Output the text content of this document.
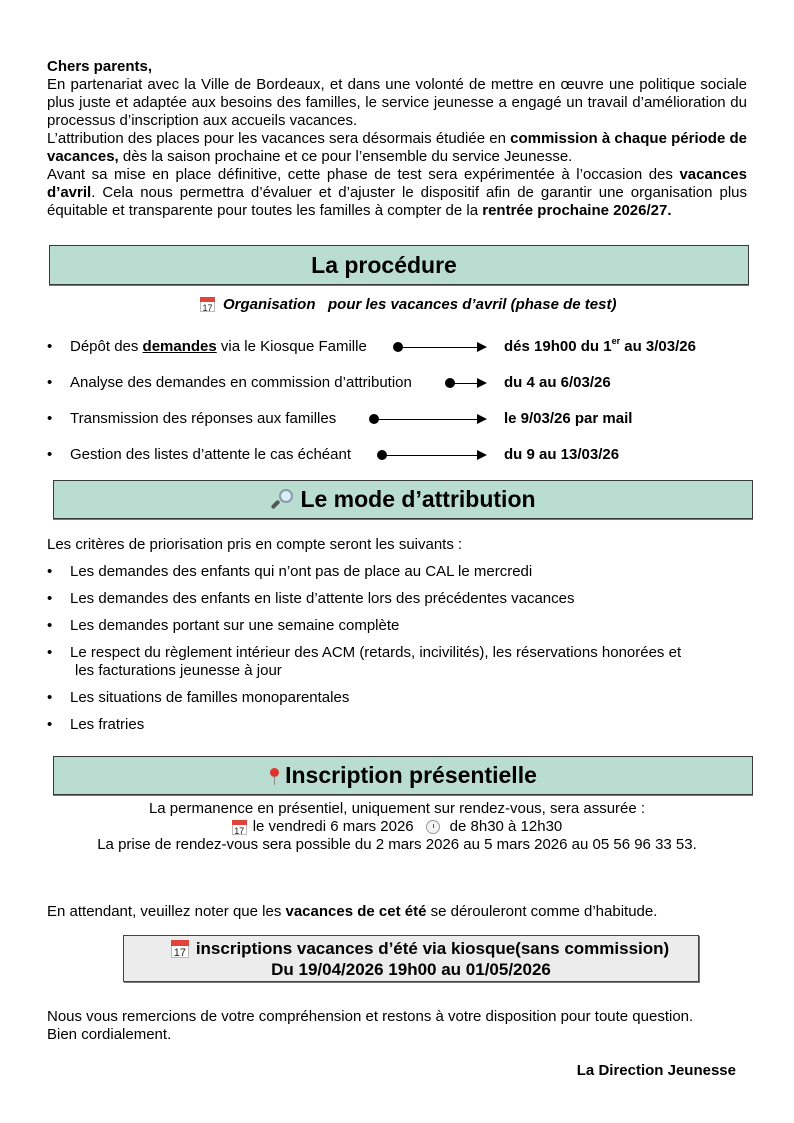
Chers parents,

En partenariat avec la Ville de Bordeaux, et dans une volonté de mettre en œuvre une politique sociale plus juste et adaptée aux besoins des familles, le service jeunesse a engagé un travail d’amélioration du processus d’inscription aux accueils vacances.

L’attribution des places pour les vacances sera désormais étudiée en commission à chaque période de vacances, dès la saison prochaine et ce pour l’ensemble du service Jeunesse.

Avant sa mise en place définitive, cette phase de test sera expérimentée à l’occasion des vacances d’avril. Cela nous permettra d’évaluer et d’ajuster le dispositif afin de garantir une organisation plus équitable et transparente pour toutes les familles à compter de la rentrée prochaine 2026/27.

La procédure
17 Organisation   pour les vacances d’avril (phase de test)
• Dépôt des demandes via le Kiosque Famille	dés 19h00 du 1er au 3/03/26
• Analyse des demandes en commission d’attribution	du 4 au 6/03/26
• Transmission des réponses aux familles	le 9/03/26 par mail
• Gestion des listes d’attente le cas échéant	du 9 au 13/03/26
Le mode d’attribution
Les critères de priorisation pris en compte seront les suivants :
• Les demandes des enfants qui n’ont pas de place au CAL le mercredi
• Les demandes des enfants en liste d’attente lors des précédentes vacances
• Les demandes portant sur une semaine complète
• Le respect du règlement intérieur des ACM (retards, incivilités), les réservations honorées et
les facturations jeunesse à jour
• Les situations de familles monoparentales
• Les fratries
Inscription présentielle
La permanence en présentiel, uniquement sur rendez-vous, sera assurée :
17 le vendredi 6 mars 2026 de 8h30 à 12h30
La prise de rendez-vous sera possible du 2 mars 2026 au 5 mars 2026 au 05 56 96 33 53.
En attendant, veuillez noter que les vacances de cet été se dérouleront comme d’habitude.
17 inscriptions vacances d’été via kiosque(sans commission)
Du 19/04/2026 19h00 au 01/05/2026

Nous vous remercions de votre compréhension et restons à votre disposition pour toute question.

Bien cordialement.

La Direction Jeunesse
